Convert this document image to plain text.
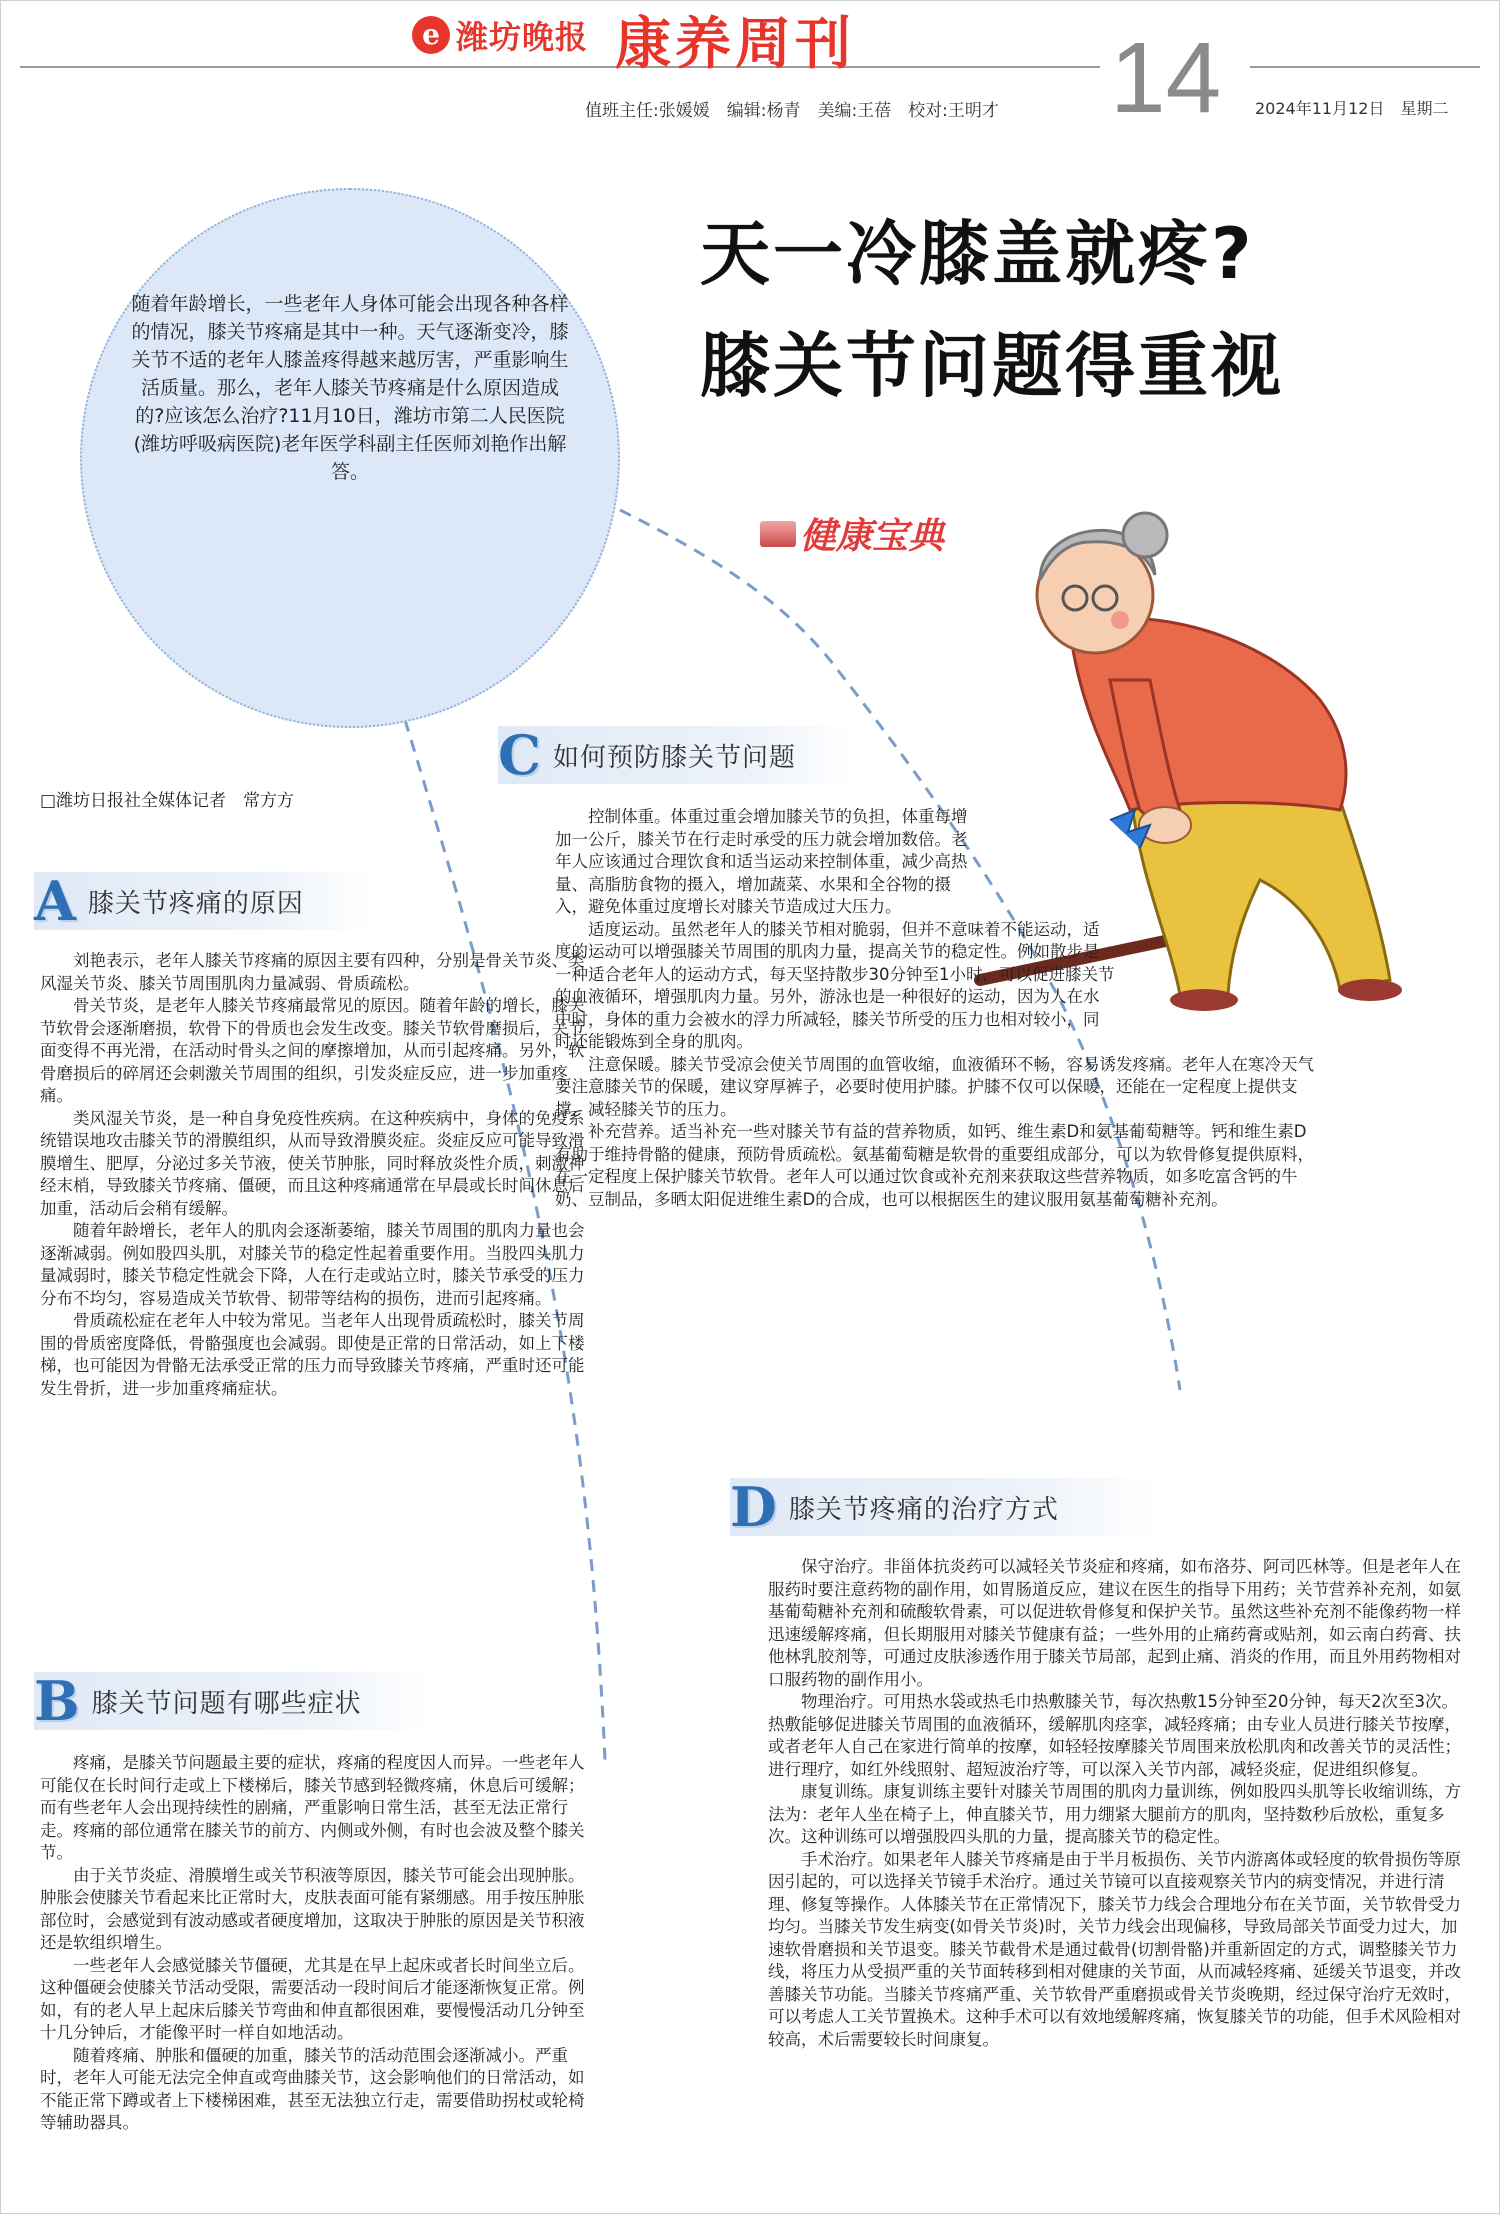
e 潍坊晚报 康养周刊
值班主任:张媛媛　编辑:杨青　美编:王蓓　校对:王明才 14 2024年11月12日　星期二
随着年龄增长，一些老年人身体可能会出现各种各样的情况，膝关节疼痛是其中一种。天气逐渐变冷，膝关节不适的老年人膝盖疼得越来越厉害，严重影响生活质量。那么，老年人膝关节疼痛是什么原因造成的?应该怎么治疗?11月10日，潍坊市第二人民医院(潍坊呼吸病医院)老年医学科副主任医师刘艳作出解答。
天一冷膝盖就疼?
膝关节问题得重视
健康宝典
□潍坊日报社全媒体记者　常方方
A 膝关节疼痛的原因

刘艳表示，老年人膝关节疼痛的原因主要有四种，分别是骨关节炎、类风湿关节炎、膝关节周围肌肉力量减弱、骨质疏松。

骨关节炎，是老年人膝关节疼痛最常见的原因。随着年龄的增长，膝关节软骨会逐渐磨损，软骨下的骨质也会发生改变。膝关节软骨磨损后，关节面变得不再光滑，在活动时骨头之间的摩擦增加，从而引起疼痛。另外，软骨磨损后的碎屑还会刺激关节周围的组织，引发炎症反应，进一步加重疼痛。

类风湿关节炎，是一种自身免疫性疾病。在这种疾病中，身体的免疫系统错误地攻击膝关节的滑膜组织，从而导致滑膜炎症。炎症反应可能导致滑膜增生、肥厚，分泌过多关节液，使关节肿胀，同时释放炎性介质，刺激神经末梢，导致膝关节疼痛、僵硬，而且这种疼痛通常在早晨或长时间休息后加重，活动后会稍有缓解。

随着年龄增长，老年人的肌肉会逐渐萎缩，膝关节周围的肌肉力量也会逐渐减弱。例如股四头肌，对膝关节的稳定性起着重要作用。当股四头肌力量减弱时，膝关节稳定性就会下降，人在行走或站立时，膝关节承受的压力分布不均匀，容易造成关节软骨、韧带等结构的损伤，进而引起疼痛。

骨质疏松症在老年人中较为常见。当老年人出现骨质疏松时，膝关节周围的骨质密度降低，骨骼强度也会减弱。即使是正常的日常活动，如上下楼梯，也可能因为骨骼无法承受正常的压力而导致膝关节疼痛，严重时还可能发生骨折，进一步加重疼痛症状。

B 膝关节问题有哪些症状

疼痛，是膝关节问题最主要的症状，疼痛的程度因人而异。一些老年人可能仅在长时间行走或上下楼梯后，膝关节感到轻微疼痛，休息后可缓解；而有些老年人会出现持续性的剧痛，严重影响日常生活，甚至无法正常行走。疼痛的部位通常在膝关节的前方、内侧或外侧，有时也会波及整个膝关节。

由于关节炎症、滑膜增生或关节积液等原因，膝关节可能会出现肿胀。肿胀会使膝关节看起来比正常时大，皮肤表面可能有紧绷感。用手按压肿胀部位时，会感觉到有波动感或者硬度增加，这取决于肿胀的原因是关节积液还是软组织增生。

一些老年人会感觉膝关节僵硬，尤其是在早上起床或者长时间坐立后。这种僵硬会使膝关节活动受限，需要活动一段时间后才能逐渐恢复正常。例如，有的老人早上起床后膝关节弯曲和伸直都很困难，要慢慢活动几分钟至十几分钟后，才能像平时一样自如地活动。

随着疼痛、肿胀和僵硬的加重，膝关节的活动范围会逐渐减小。严重时，老年人可能无法完全伸直或弯曲膝关节，这会影响他们的日常活动，如不能正常下蹲或者上下楼梯困难，甚至无法独立行走，需要借助拐杖或轮椅等辅助器具。

C 如何预防膝关节问题

控制体重。体重过重会增加膝关节的负担，体重每增加一公斤，膝关节在行走时承受的压力就会增加数倍。老年人应该通过合理饮食和适当运动来控制体重，减少高热量、高脂肪食物的摄入，增加蔬菜、水果和全谷物的摄入，避免体重过度增长对膝关节造成过大压力。

适度运动。虽然老年人的膝关节相对脆弱，但并不意味着不能运动，适度的运动可以增强膝关节周围的肌肉力量，提高关节的稳定性。例如散步是一种适合老年人的运动方式，每天坚持散步30分钟至1小时，可以促进膝关节的血液循环，增强肌肉力量。另外，游泳也是一种很好的运动，因为人在水中时，身体的重力会被水的浮力所减轻，膝关节所受的压力也相对较小，同时还能锻炼到全身的肌肉。

注意保暖。膝关节受凉会使关节周围的血管收缩，血液循环不畅，容易诱发疼痛。老年人在寒冷天气要注意膝关节的保暖，建议穿厚裤子，必要时使用护膝。护膝不仅可以保暖，还能在一定程度上提供支撑，减轻膝关节的压力。

补充营养。适当补充一些对膝关节有益的营养物质，如钙、维生素D和氨基葡萄糖等。钙和维生素D有助于维持骨骼的健康，预防骨质疏松。氨基葡萄糖是软骨的重要组成部分，可以为软骨修复提供原料，在一定程度上保护膝关节软骨。老年人可以通过饮食或补充剂来获取这些营养物质，如多吃富含钙的牛奶、豆制品，多晒太阳促进维生素D的合成，也可以根据医生的建议服用氨基葡萄糖补充剂。

D 膝关节疼痛的治疗方式

保守治疗。非甾体抗炎药可以减轻关节炎症和疼痛，如布洛芬、阿司匹林等。但是老年人在服药时要注意药物的副作用，如胃肠道反应，建议在医生的指导下用药；关节营养补充剂，如氨基葡萄糖补充剂和硫酸软骨素，可以促进软骨修复和保护关节。虽然这些补充剂不能像药物一样迅速缓解疼痛，但长期服用对膝关节健康有益；一些外用的止痛药膏或贴剂，如云南白药膏、扶他林乳胶剂等，可通过皮肤渗透作用于膝关节局部，起到止痛、消炎的作用，而且外用药物相对口服药物的副作用小。

物理治疗。可用热水袋或热毛巾热敷膝关节，每次热敷15分钟至20分钟，每天2次至3次。热敷能够促进膝关节周围的血液循环，缓解肌肉痉挛，减轻疼痛；由专业人员进行膝关节按摩，或者老年人自己在家进行简单的按摩，如轻轻按摩膝关节周围来放松肌肉和改善关节的灵活性；进行理疗，如红外线照射、超短波治疗等，可以深入关节内部，减轻炎症，促进组织修复。

康复训练。康复训练主要针对膝关节周围的肌肉力量训练，例如股四头肌等长收缩训练，方法为：老年人坐在椅子上，伸直膝关节，用力绷紧大腿前方的肌肉，坚持数秒后放松，重复多次。这种训练可以增强股四头肌的力量，提高膝关节的稳定性。

手术治疗。如果老年人膝关节疼痛是由于半月板损伤、关节内游离体或轻度的软骨损伤等原因引起的，可以选择关节镜手术治疗。通过关节镜可以直接观察关节内的病变情况，并进行清理、修复等操作。人体膝关节在正常情况下，膝关节力线会合理地分布在关节面，关节软骨受力均匀。当膝关节发生病变(如骨关节炎)时，关节力线会出现偏移，导致局部关节面受力过大，加速软骨磨损和关节退变。膝关节截骨术是通过截骨(切割骨骼)并重新固定的方式，调整膝关节力线，将压力从受损严重的关节面转移到相对健康的关节面，从而减轻疼痛、延缓关节退变，并改善膝关节功能。当膝关节疼痛严重、关节软骨严重磨损或骨关节炎晚期，经过保守治疗无效时，可以考虑人工关节置换术。这种手术可以有效地缓解疼痛，恢复膝关节的功能，但手术风险相对较高，术后需要较长时间康复。
